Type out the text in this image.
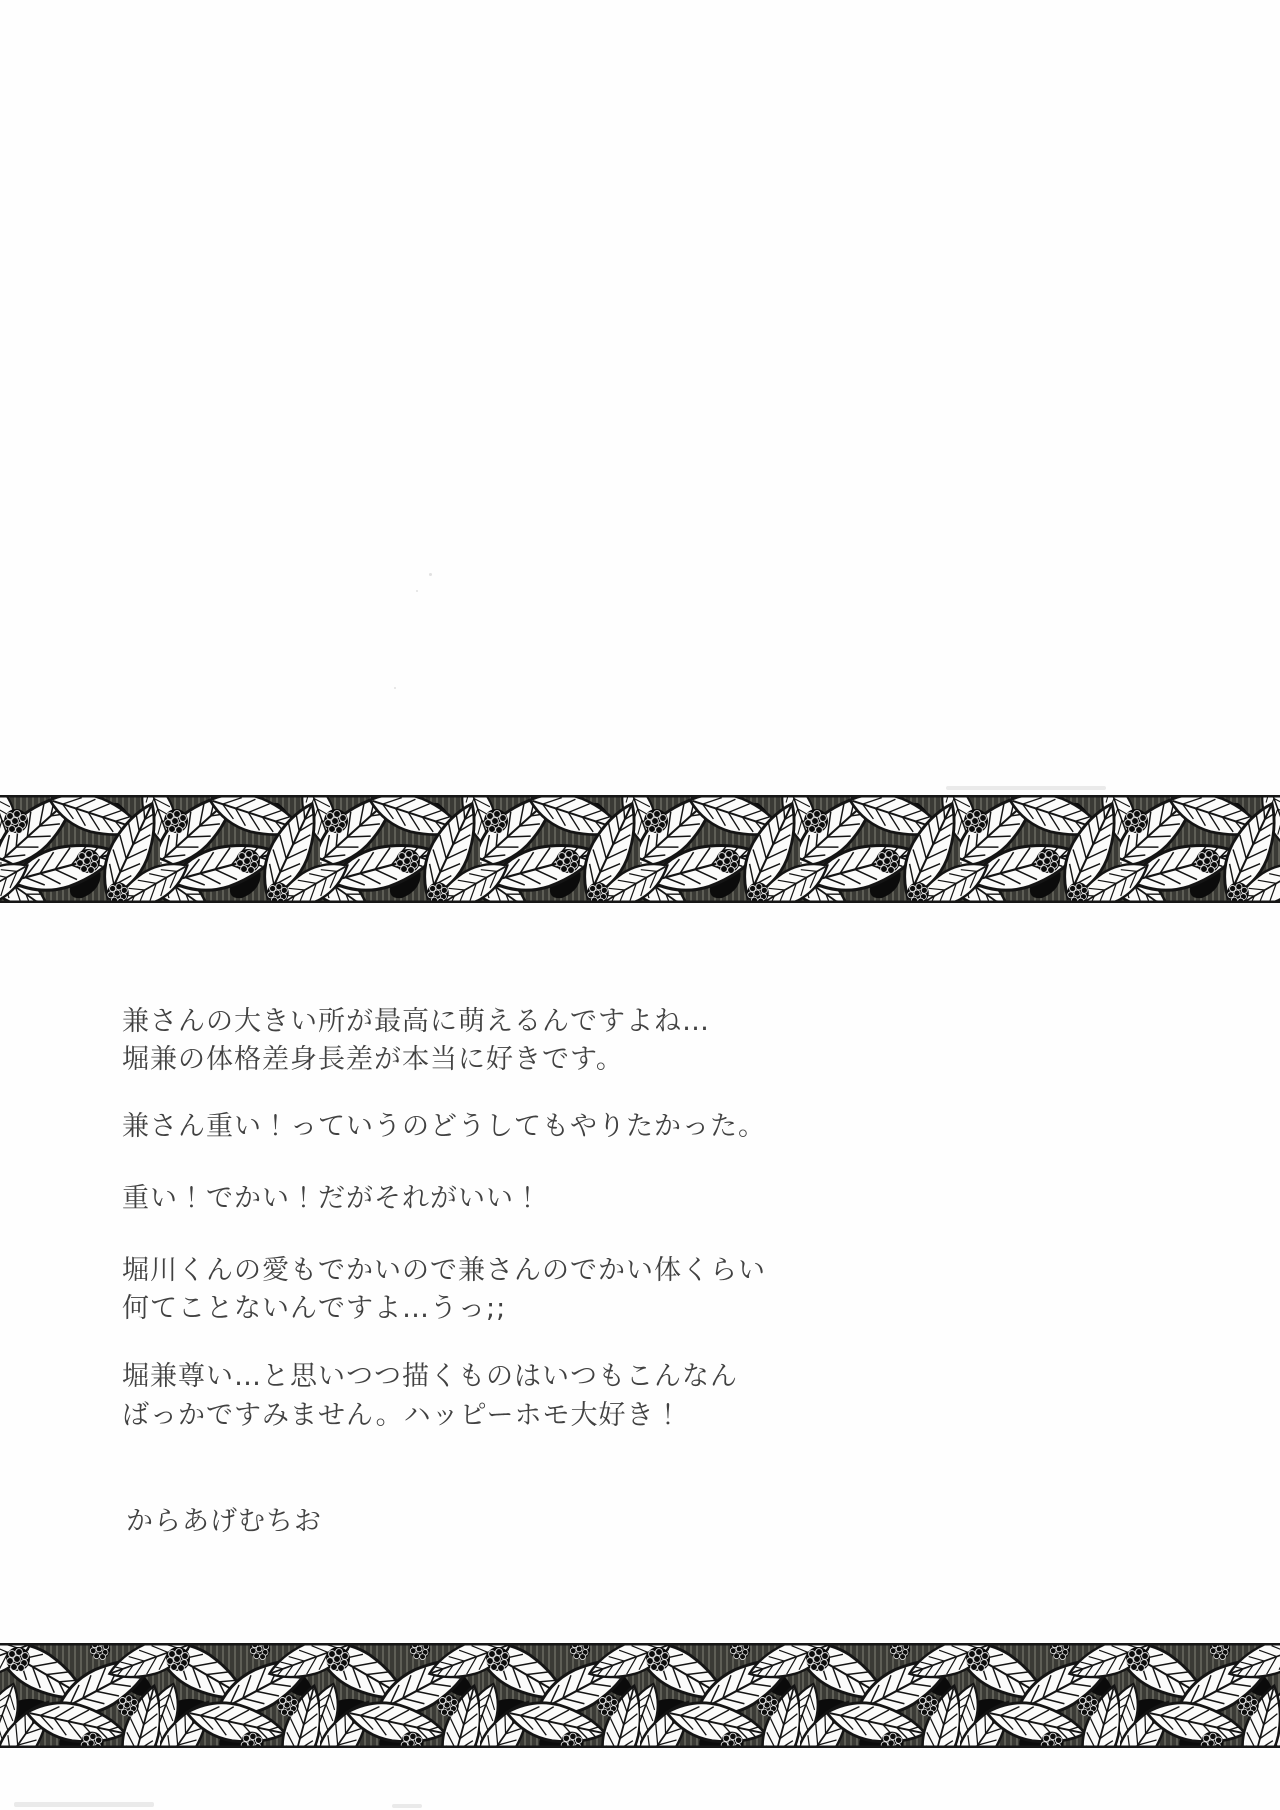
兼さんの大きい所が最高に萌えるんですよね…

堀兼の体格差身長差が本当に好きです。

兼さん重い！っていうのどうしてもやりたかった。

重い！でかい！だがそれがいい！

堀川くんの愛もでかいので兼さんのでかい体くらい

何てことないんですよ…うっ;;

堀兼尊い…と思いつつ描くものはいつもこんなん

ばっかですみません。ハッピーホモ大好き！

からあげむちお
